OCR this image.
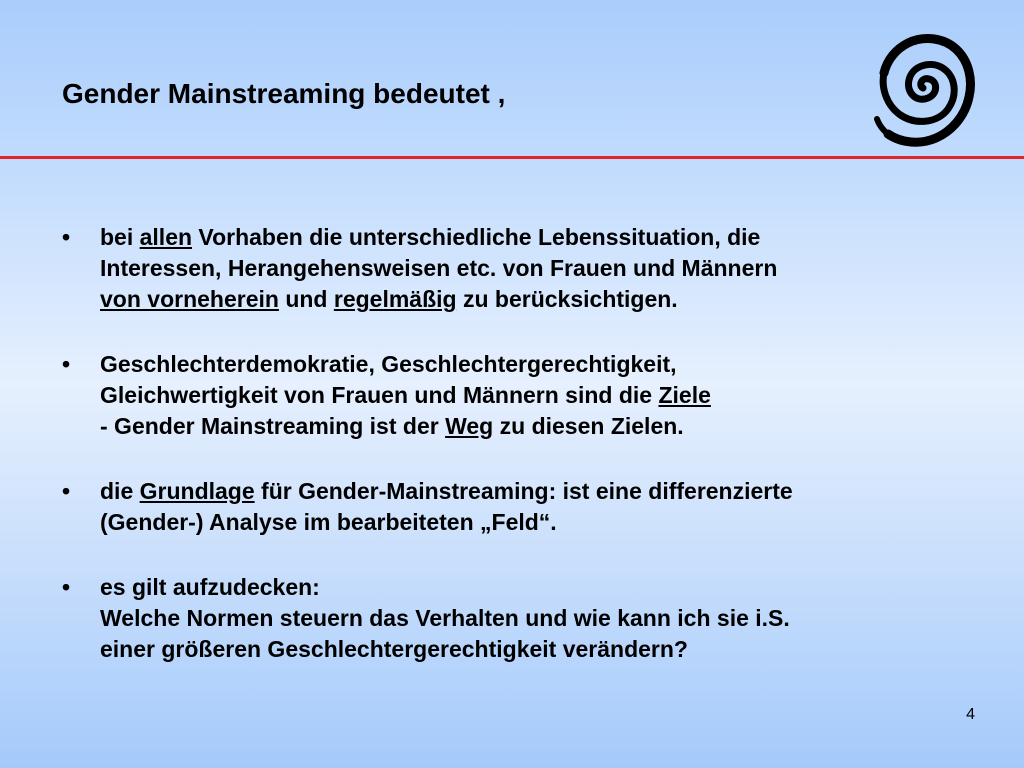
Gender Mainstreaming bedeutet ,
•	bei allen Vorhaben die unterschiedliche Lebenssituation, die
Interessen, Herangehensweisen etc. von Frauen und Männern
von vorneherein und regelmäßig zu berücksichtigen.
•	Geschlechterdemokratie, Geschlechtergerechtigkeit,
Gleichwertigkeit von Frauen und Männern sind die Ziele
- Gender Mainstreaming ist der Weg zu diesen Zielen.
•	die Grundlage für Gender-Mainstreaming: ist eine differenzierte
(Gender-) Analyse im bearbeiteten „Feld“.
•	es gilt aufzudecken:
Welche Normen steuern das Verhalten und wie kann ich sie i.S.
einer größeren Geschlechtergerechtigkeit verändern?
4
